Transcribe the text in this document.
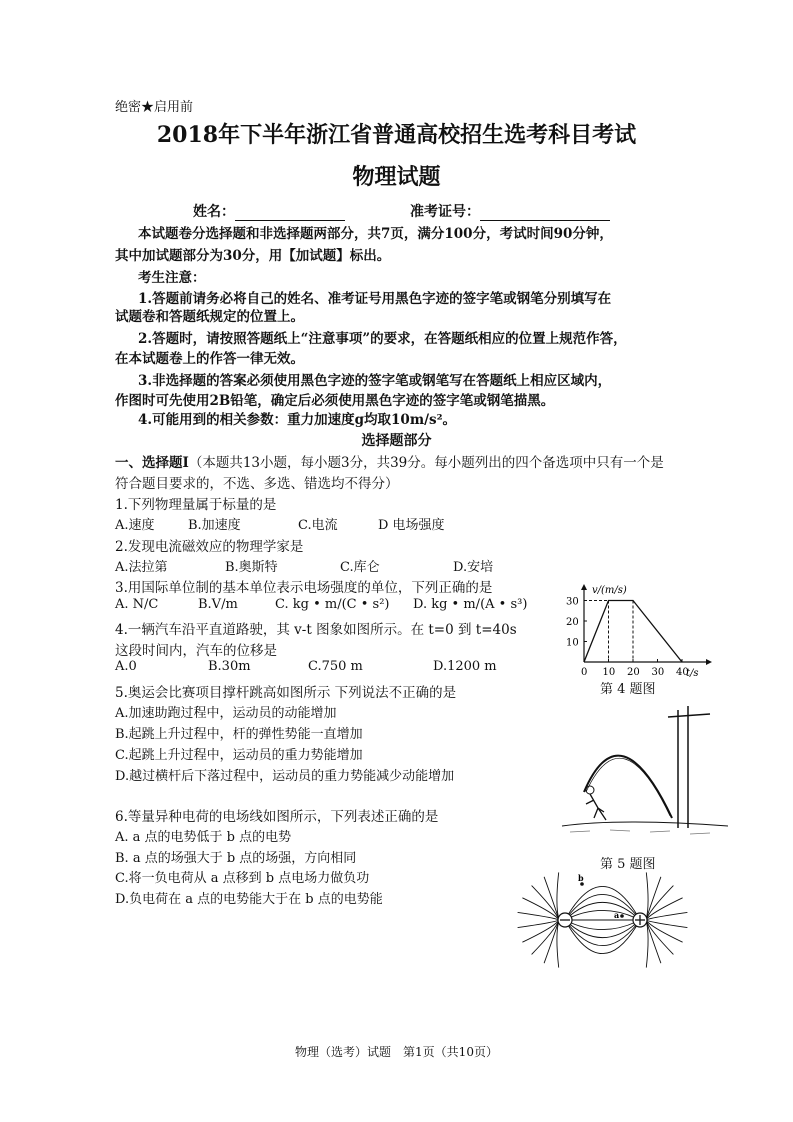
绝密★启用前
2018年下半年浙江省普通高校招生选考科目考试
物理试题
姓名：	准考证号：
本试题卷分选择题和非选择题两部分，共7页，满分100分，考试时间90分钟，
其中加试题部分为30分，用【加试题】标出。
考生注意：
1.答题前请务必将自己的姓名、准考证号用黑色字迹的签字笔或钢笔分别填写在
试题卷和答题纸规定的位置上。
2.答题时，请按照答题纸上“注意事项”的要求，在答题纸相应的位置上规范作答，
在本试题卷上的作答一律无效。
3.非选择题的答案必须使用黑色字迹的签字笔或钢笔写在答题纸上相应区域内，
作图时可先使用2B铅笔，确定后必须使用黑色字迹的签字笔或钢笔描黑。
4.可能用到的相关参数：重力加速度g均取10m/s²。
选择题部分
一、选择题Ⅰ（本题共13小题，每小题3分，共39分。每小题列出的四个备选项中只有一个是
符合题目要求的，不选、多选、错选均不得分）
1.下列物理量属于标量的是
A.速度	B.加速度	C.电流	D 电场强度
2.发现电流磁效应的物理学家是
A.法拉第	B.奥斯特	C.库仑	D.安培
3.用国际单位制的基本单位表示电场强度的单位，下列正确的是
A. N/C	B.V/m	C. kg • m/(C • s²) D. kg • m/(A • s³)
4.一辆汽车沿平直道路驶，其 v-t 图象如图所示。在 t=0 到 t=40s
这段时间内，汽车的位移是
A.0	B.30m	C.750 m	D.1200 m
5.奥运会比赛项目撑杆跳高如图所示 下列说法不正确的是
A.加速助跑过程中，运动员的动能增加
B.起跳上升过程中，杆的弹性势能一直增加
C.起跳上升过程中，运动员的重力势能增加
D.越过横杆后下落过程中，运动员的重力势能减少动能增加
6.等量异种电荷的电场线如图所示，下列表述正确的是
A. a 点的电势低于 b 点的电势
B. a 点的场强大于 b 点的场强，方向相同
C.将一负电荷从 a 点移到 b 点电场力做负功
D.负电荷在 a 点的电势能大于在 b 点的电势能
0 10 20 30 40
10
20
30
v/(m/s)
t/s
第 4 题图
第 5 题图
a
b
物理（选考）试题　第1页（共10页）
